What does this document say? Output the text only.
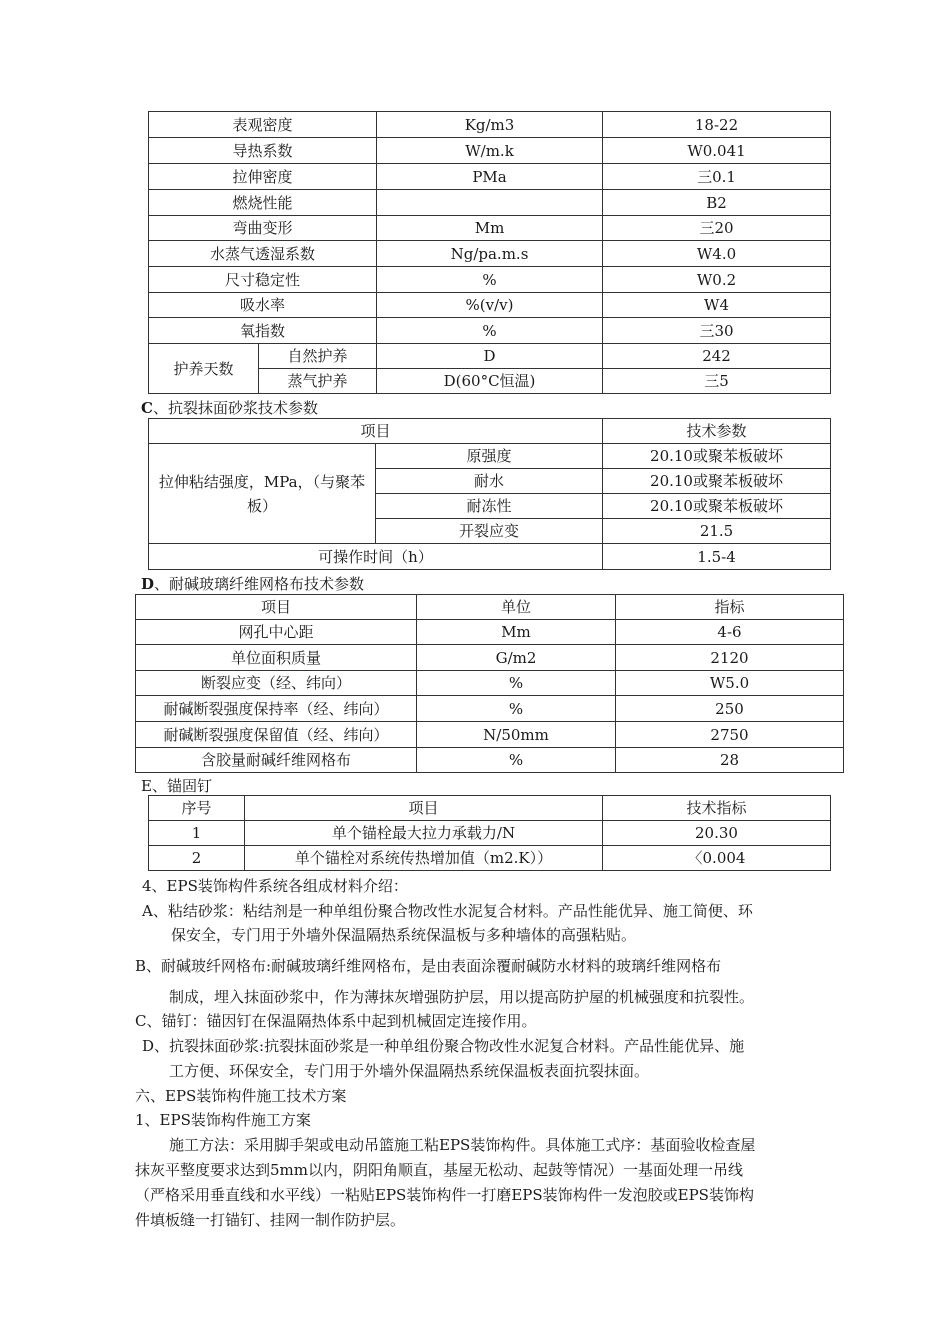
表观密度		Kg/m3	18-22
导热系数		W/m.k	W0.041
拉伸密度		PMa	三0.1
燃烧性能			B2
弯曲变形		Mm	三20
水蒸气透湿系数		Ng/pa.m.s	W4.0
尺寸稳定性		%	W0.2
吸水率		%(v/v)	W4
氧指数		%	三30
护养天数	自然护养	D	242
	蒸气护养	D(60°C恒温)	三5
C、抗裂抹面砂浆技术参数
项目		技术参数
拉伸粘结强度，MPa，（与聚苯板）	原强度	20.10或聚苯板破坏
	耐水	20.10或聚苯板破坏
	耐冻性	20.10或聚苯板破坏
	开裂应变	21.5
可操作时间（h）		1.5-4
D、耐碱玻璃纤维网格布技术参数
项目	单位	指标
网孔中心距	Mm	4-6
单位面积质量	G/m2	2120
断裂应变（经、纬向）	%	W5.0
耐碱断裂强度保持率（经、纬向）	%	250
耐碱断裂强度保留值（经、纬向）	N/50mm	2750
含胶量耐碱纤维网格布	%	28
E、锚固钉
序号	项目	技术指标
1	单个锚栓最大拉力承载力/N	20.30
2	单个锚栓对系统传热增加值（m2.K））	〈0.004
4、EPS装饰构件系统各组成材料介绍：
A、粘结砂浆：粘结剂是一种单组份聚合物改性水泥复合材料。产品性能优异、施工简便、环
保安全，专门用于外墙外保温隔热系统保温板与多种墙体的高强粘贴。
B、耐碱玻纤网格布:耐碱玻璃纤维网格布，是由表面涂覆耐碱防水材料的玻璃纤维网格布
制成，埋入抹面砂浆中，作为薄抹灰增强防护层，用以提高防护屋的机械强度和抗裂性。
C、锚钉：锚因钉在保温隔热体系中起到机械固定连接作用。
D、抗裂抹面砂浆:抗裂抹面砂浆是一种单组份聚合物改性水泥复合材料。产品性能优异、施
工方便、环保安全，专门用于外墙外保温隔热系统保温板表面抗裂抹面。
六、EPS装饰构件施工技术方案
1、EPS装饰构件施工方案
施工方法：采用脚手架或电动吊篮施工粘EPS装饰构件。具体施工式序：基面验收检查屋
抹灰平整度要求达到5mm以内，阴阳角顺直，基屋无松动、起鼓等情况）一基面处理一吊线
（严格采用垂直线和水平线）一粘贴EPS装饰构件一打磨EPS装饰构件一发泡胶或EPS装饰构
件填板缝一打锚钉、挂网一制作防护层。
